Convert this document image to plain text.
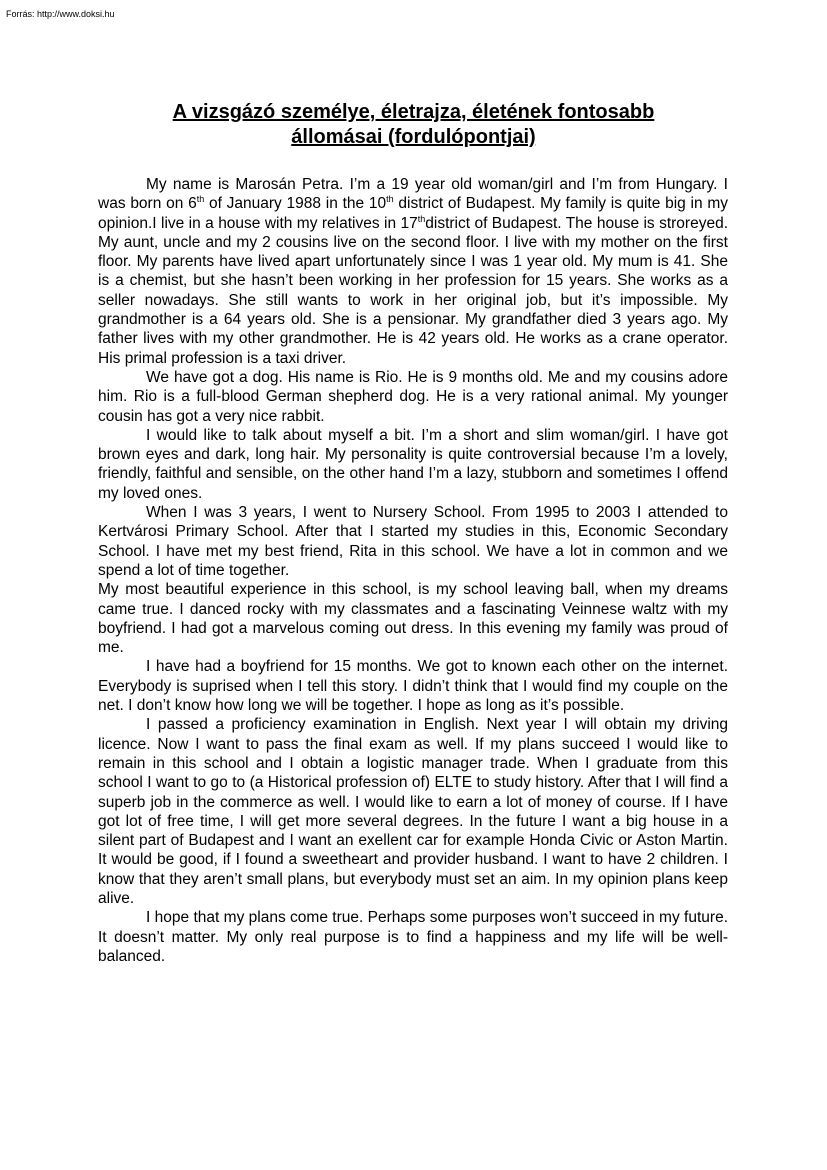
Forrás: http://www.doksi.hu
A vizsgázó személye, életrajza, életének fontosabb
állomásai (fordulópontjai)

My name is Marosán Petra. I’m a 19 year old woman/girl and I’m from Hungary. I was born on 6th of January 1988 in the 10th district of Budapest. My family is quite big in my opinion.I live in a house with my relatives in 17thdistrict of Budapest. The house is stroreyed. My aunt, uncle and my 2 cousins live on the second floor. I live with my mother on the first floor. My parents have lived apart unfortunately since I was 1 year old. My mum is 41. She is a chemist, but she hasn’t been working in her profession for 15 years. She works as a seller nowadays. She still wants to work in her original job, but it’s impossible. My grandmother is a 64 years old. She is a pensionar. My grandfather died 3 years ago. My father lives with my other grandmother. He is 42 years old. He works as a crane operator. His primal profession is a taxi driver.

We have got a dog. His name is Rio. He is 9 months old. Me and my cousins adore him. Rio is a full-blood German shepherd dog. He is a very rational animal. My younger cousin has got a very nice rabbit.

I would like to talk about myself a bit. I’m a short and slim woman/girl. I have got brown eyes and dark, long hair. My personality is quite controversial because I’m a lovely, friendly, faithful and sensible, on the other hand I’m a lazy, stubborn and sometimes I offend my loved ones.

When I was 3 years, I went to Nursery School. From 1995 to 2003 I attended to Kertvárosi Primary School. After that I started my studies in this, Economic Secondary School. I have met my best friend, Rita in this school. We have a lot in common and we spend a lot of time together.

My most beautiful experience in this school, is my school leaving ball, when my dreams came true. I danced rocky with my classmates and a fascinating Veinnese waltz with my boyfriend. I had got a marvelous coming out dress. In this evening my family was proud of me.

I have had a boyfriend for 15 months. We got to known each other on the internet. Everybody is suprised when I tell this story. I didn’t think that I would find my couple on the net. I don’t know how long we will be together. I hope as long as it’s possible.

I passed a proficiency examination in English. Next year I will obtain my driving licence. Now I want to pass the final exam as well. If my plans succeed I would like to remain in this school and I obtain a logistic manager trade. When I graduate from this school I want to go to (a Historical profession of) ELTE to study history. After that I will find a superb job in the commerce as well. I would like to earn a lot of money of course. If I have got lot of free time, I will get more several degrees. In the future I want a big house in a silent part of Budapest and I want an exellent car for example Honda Civic or Aston Martin. It would be good, if I found a sweetheart and provider husband. I want to have 2 children. I know that they aren’t small plans, but everybody must set an aim. In my opinion plans keep alive.

I hope that my plans come true. Perhaps some purposes won’t succeed in my future. It doesn’t matter. My only real purpose is to find a happiness and my life will be well-balanced.
